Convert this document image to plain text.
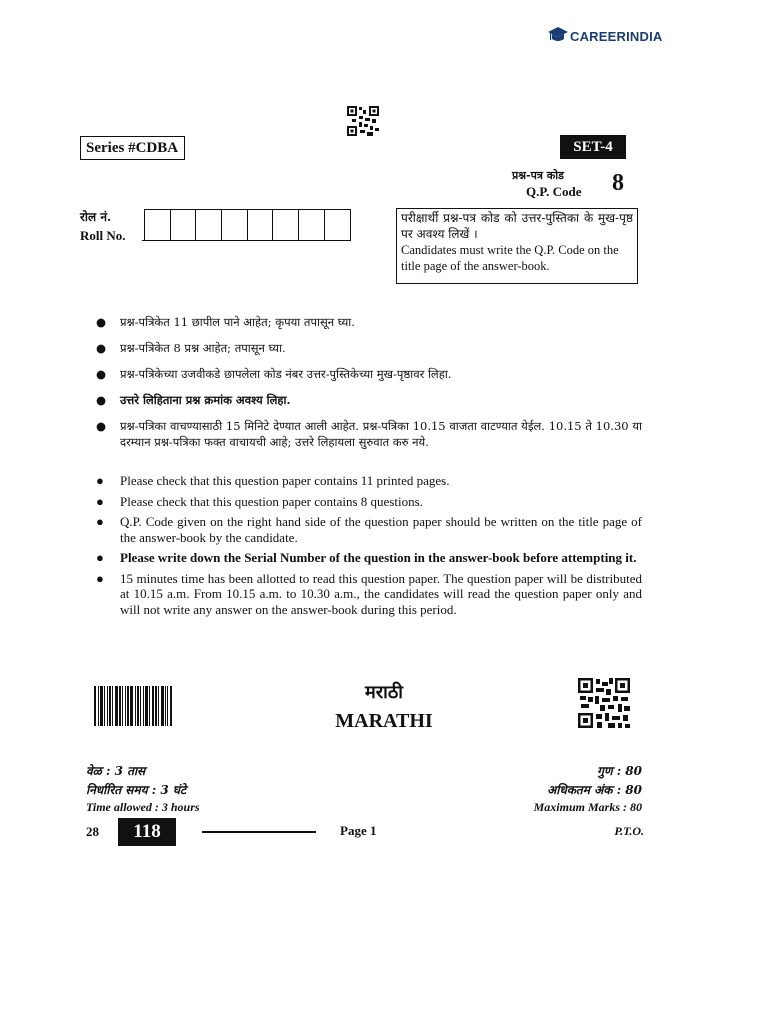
CAREERINDIA
Series #CDBA	SET-4
प्रश्न-पत्र कोड
Q.P. Code 8
रोल नं.
Roll No.
परीक्षार्थी प्रश्न-पत्र कोड को उत्तर-पुस्तिका के मुख-पृष्ठ पर अवश्य लिखें ।
Candidates must write the Q.P. Code on the title page of the answer-book.
●	प्रश्न-पत्रिकेत 11 छापील पाने आहेत; कृपया तपासून घ्या.
●	प्रश्न-पत्रिकेत 8 प्रश्न आहेत; तपासून घ्या.
●	प्रश्न-पत्रिकेच्या उजवीकडे छापलेला कोड नंबर उत्तर-पुस्तिकेच्या मुख-पृष्ठावर लिहा.
●	उत्तरे लिहिताना प्रश्न क्रमांक अवश्य लिहा.
●	प्रश्न-पत्रिका वाचण्यासाठी 15 मिनिटे देण्यात आली आहेत. प्रश्न-पत्रिका 10.15 वाजता वाटण्यात येईल. 10.15 ते 10.30 या दरम्यान प्रश्न-पत्रिका फक्त वाचायची आहे; उत्तरे लिहायला सुरुवात करु नये.
●	Please check that this question paper contains 11 printed pages.
●	Please check that this question paper contains 8 questions.
●	Q.P. Code given on the right hand side of the question paper should be written on the title page of the answer-book by the candidate.
●	Please write down the Serial Number of the question in the answer-book before attempting it.
●	15 minutes time has been allotted to read this question paper. The question paper will be distributed at 10.15 a.m. From 10.15 a.m. to 10.30 a.m., the candidates will read the question paper only and will not write any answer on the answer-book during this period.
मराठी
MARATHI
वेळ : 3 तास
निर्धारित समय : 3 घंटे
Time allowed : 3 hours
गुण : 80
अधिकतम अंक : 80
Maximum Marks : 80
28	118	Page 1	P.T.O.
